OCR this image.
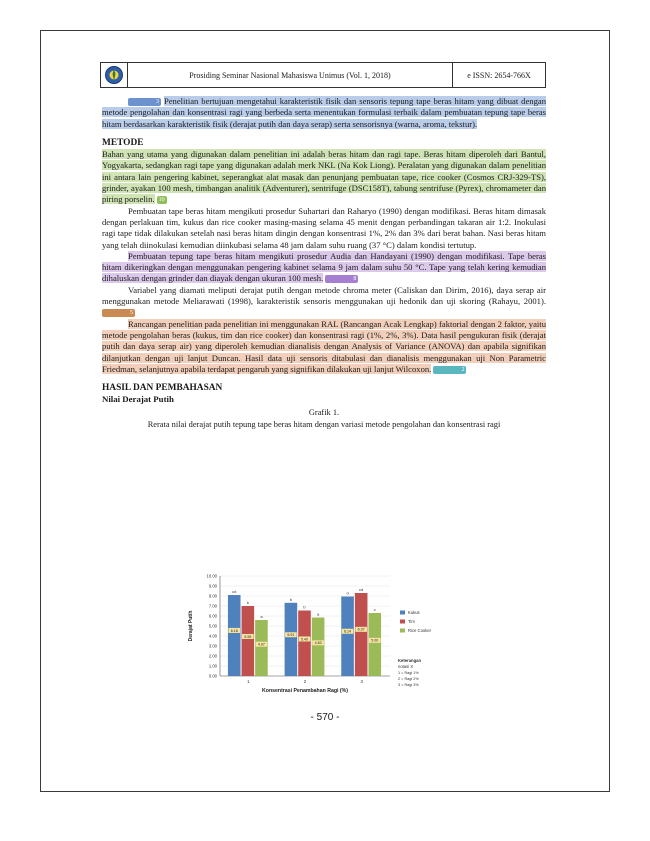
Prosiding Seminar Nasional Mahasiswa Unimus (Vol. 1, 2018)	e ISSN: 2654-766X

3 Penelitian bertujuan mengetahui karakteristik fisik dan sensoris tepung tape beras hitam yang dibuat dengan metode pengolahan dan konsentrasi ragi yang berbeda serta menentukan formulasi terbaik dalam pembuatan tepung tape beras hitam berdasarkan karakteristik fisik (derajat putih dan daya serap) serta sensorisnya (warna, aroma, tekstur).

METODE

Bahan yang utama yang digunakan dalam penelitian ini adalah beras hitam dan ragi tape. Beras hitam diperoleh dari Bantul, Yogyakarta, sedangkan ragi tape yang digunakan adalah merk NKL (Na Kok Liong). Peralatan yang digunakan dalam penelitian ini antara lain pengering kabinet, seperangkat alat masak dan penunjang pembuatan tape, rice cooker (Cosmos CRJ-329-TS), grinder, ayakan 100 mesh, timbangan analitik (Adventurer), sentrifuge (DSC158T), tabung sentrifuse (Pyrex), chromameter dan piring porselin. 10

Pembuatan tape beras hitam mengikuti prosedur Suhartari dan Raharyo (1990) dengan modifikasi. Beras hitam dimasak dengan perlakuan tim, kukus dan rice cooker masing-masing selama 45 menit dengan perbandingan takaran air 1:2. Inokulasi ragi tape tidak dilakukan setelah nasi beras hitam dingin dengan konsentrasi 1%, 2% dan 3% dari berat bahan. Nasi beras hitam yang telah diinokulasi kemudian diinkubasi selama 48 jam dalam suhu ruang (37 °C) dalam kondisi tertutup.

Pembuatan tepung tape beras hitam mengikuti prosedur Audia dan Handayani (1990) dengan modifikasi. Tape beras hitam dikeringkan dengan menggunakan pengering kabinet selama 9 jam dalam suhu 50 °C. Tape yang telah kering kemudian dihaluskan dengan grinder dan diayak dengan ukuran 100 mesh.	8

Variabel yang diamati meliputi derajat putih dengan metode chroma meter (Caliskan dan Dirim, 2016), daya serap air menggunakan metode Meliarawati (1998), karakteristik sensoris menggunakan uji hedonik dan uji skoring (Rahayu, 2001). 5

Rancangan penelitian pada penelitian ini menggunakan RAL (Rancangan Acak Lengkap) faktorial dengan 2 faktor, yaitu metode pengolahan beras (kukus, tim dan rice cooker) dan konsentrasi ragi (1%, 2%, 3%). Data hasil pengukuran fisik (derajat putih dan daya serap air) yang diperoleh kemudian dianalisis dengan Analysis of Variance (ANOVA) dan apabila signifikan dilanjutkan dengan uji lanjut Duncan. Hasil data uji sensoris ditabulasi dan dianalisis menggunakan uji Non Parametric Friedman, selanjutnya apabila terdapat pengaruh yang signifikan dilakukan uji lanjut Wilcoxon.	2

HASIL DAN PEMBAHASAN
Nilai Derajat Putih
Grafik 1.
Rerata nilai derajat putih tepung tape beras hitam dengan variasi metode pengolahan dan konsentrasi ragi
0.00
1.00
2.00
3.00
4.00
5.00
6.00
7.00
8.00
9.00
10.00
cd
6.18
b
5.55
a
4.07
1
b
5.91
b
5.40
a
4.83
2
d
6.14
cd
6.37
c
5.00
3
Konsentrasi Penambahan Ragi (%)
Derajat Putih	Kukus
Tim
Rice Cooker
Keterangan
notasi X
1 = Ragi 1%
2 = Ragi 2%
3 = Ragi 3%
- 570 -
